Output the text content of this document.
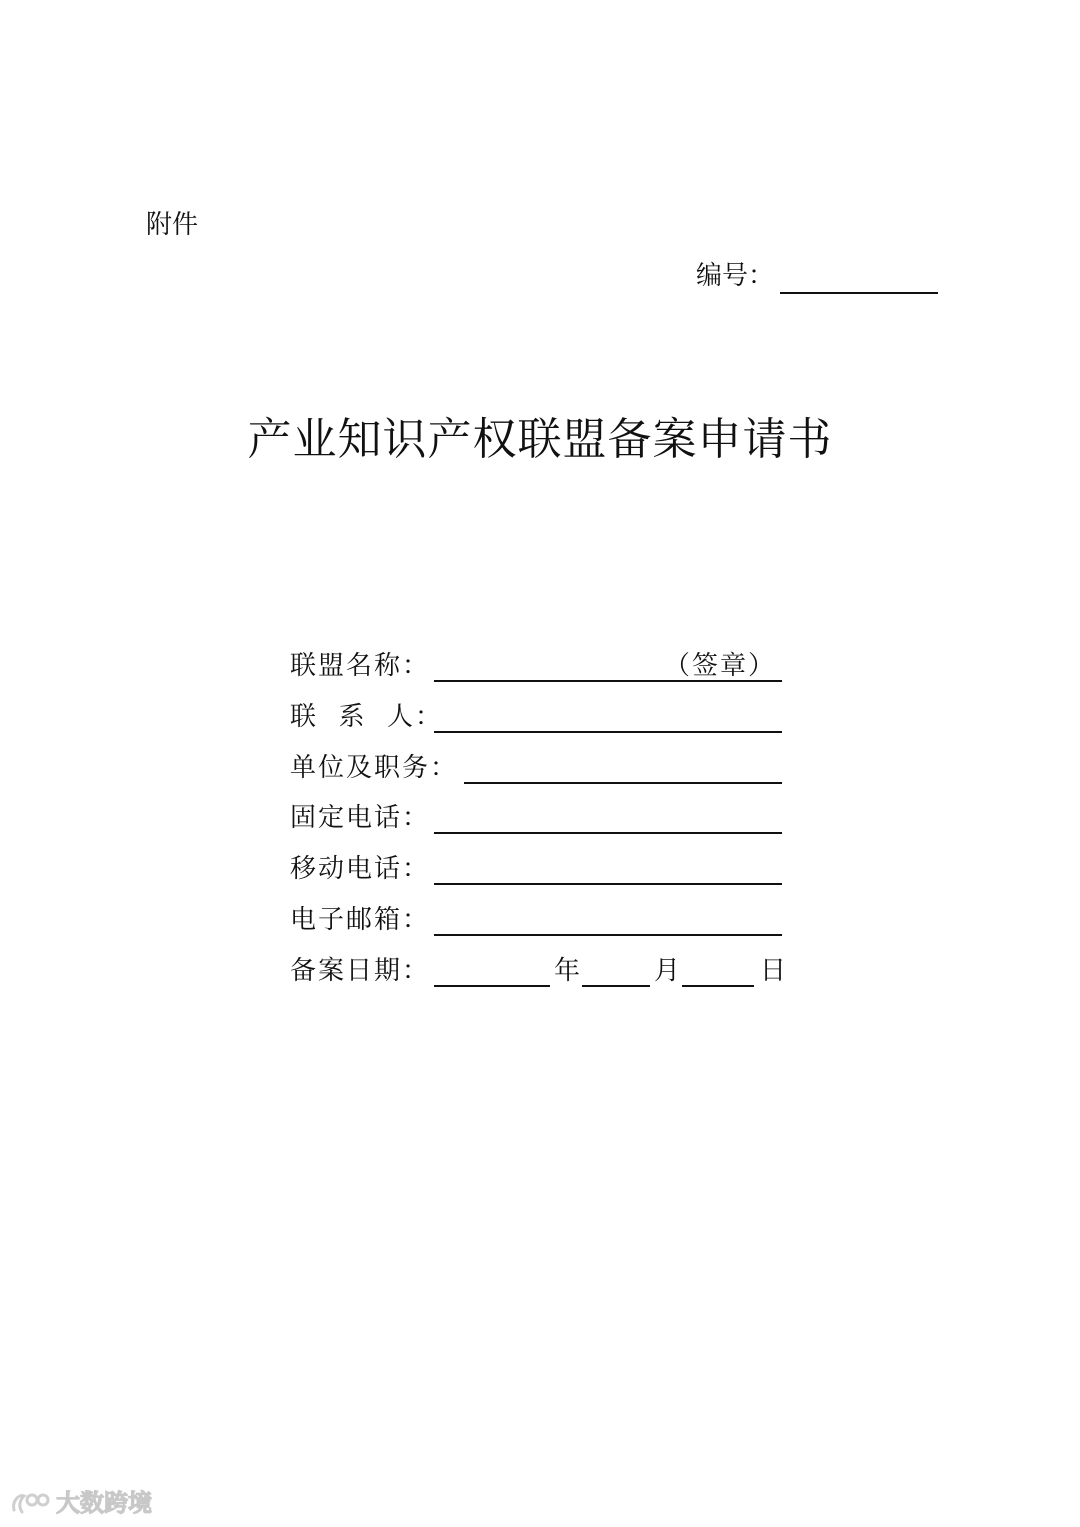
附件
编号：
产业知识产权联盟备案申请书
联盟名称：	（签章）
联  系  人：
单位及职务：
固定电话：
移动电话：
电子邮箱：
备案日期：	年	月	日
大数跨境
